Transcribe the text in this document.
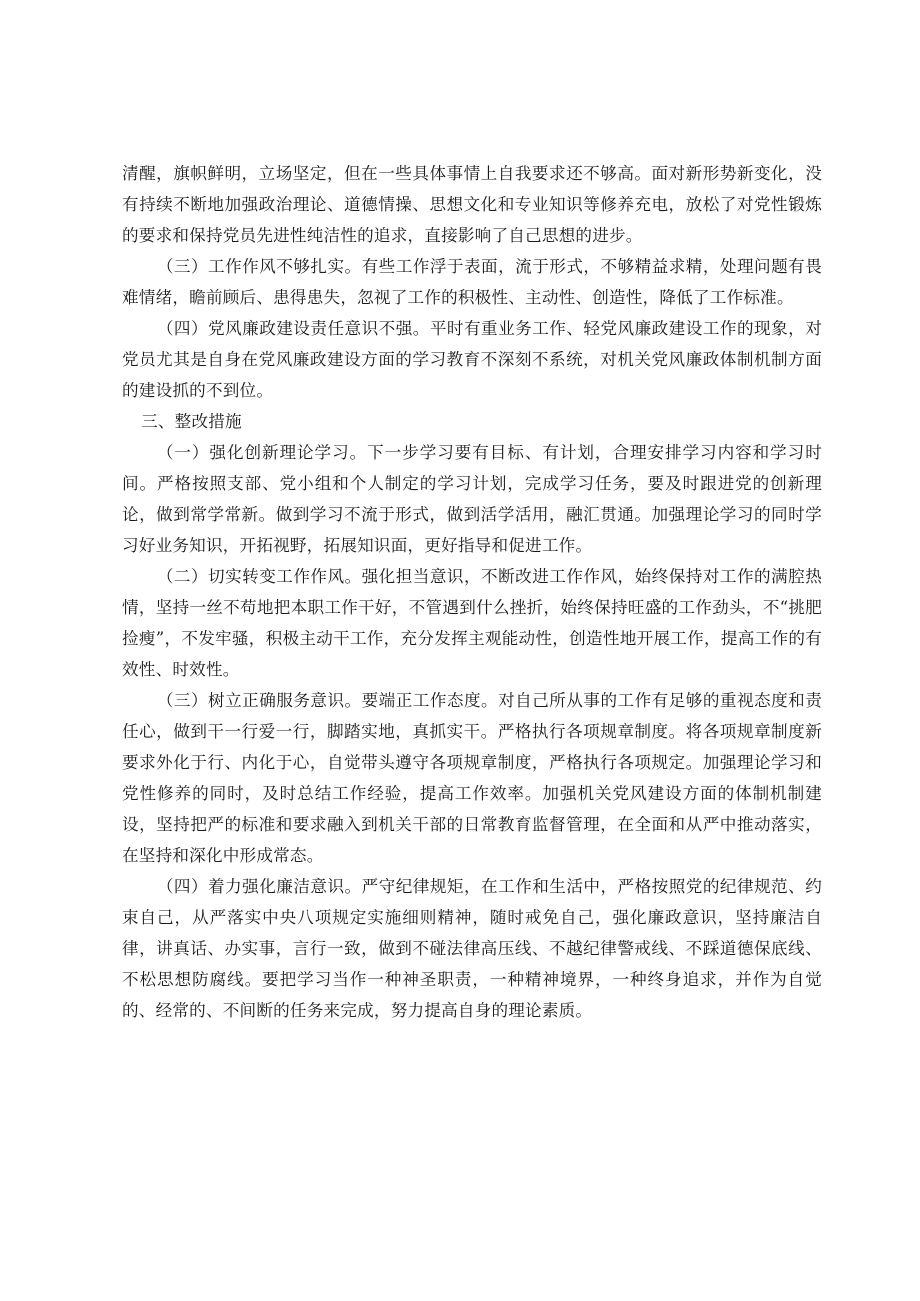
清醒，旗帜鲜明，立场坚定，但在一些具体事情上自我要求还不够高。面对新形势新变化，没有持续不断地加强政治理论、道德情操、思想文化和专业知识等修养充电，放松了对党性锻炼的要求和保持党员先进性纯洁性的追求，直接影响了自己思想的进步。

（三）工作作风不够扎实。有些工作浮于表面，流于形式，不够精益求精，处理问题有畏难情绪，瞻前顾后、患得患失，忽视了工作的积极性、主动性、创造性，降低了工作标准。

（四）党风廉政建设责任意识不强。平时有重业务工作、轻党风廉政建设工作的现象，对党员尤其是自身在党风廉政建设方面的学习教育不深刻不系统，对机关党风廉政体制机制方面的建设抓的不到位。

三、整改措施

（一）强化创新理论学习。下一步学习要有目标、有计划，合理安排学习内容和学习时间。严格按照支部、党小组和个人制定的学习计划，完成学习任务，要及时跟进党的创新理论，做到常学常新。做到学习不流于形式，做到活学活用，融汇贯通。加强理论学习的同时学习好业务知识，开拓视野，拓展知识面，更好指导和促进工作。

（二）切实转变工作作风。强化担当意识，不断改进工作作风，始终保持对工作的满腔热情，坚持一丝不苟地把本职工作干好，不管遇到什么挫折，始终保持旺盛的工作劲头，不“挑肥捡瘦”，不发牢骚，积极主动干工作，充分发挥主观能动性，创造性地开展工作，提高工作的有效性、时效性。

（三）树立正确服务意识。要端正工作态度。对自己所从事的工作有足够的重视态度和责任心，做到干一行爱一行，脚踏实地，真抓实干。严格执行各项规章制度。将各项规章制度新要求外化于行、内化于心，自觉带头遵守各项规章制度，严格执行各项规定。加强理论学习和党性修养的同时，及时总结工作经验，提高工作效率。加强机关党风建设方面的体制机制建设，坚持把严的标准和要求融入到机关干部的日常教育监督管理，在全面和从严中推动落实，在坚持和深化中形成常态。

（四）着力强化廉洁意识。严守纪律规矩，在工作和生活中，严格按照党的纪律规范、约束自己，从严落实中央八项规定实施细则精神，随时戒免自己，强化廉政意识，坚持廉洁自律，讲真话、办实事，言行一致，做到不碰法律高压线、不越纪律警戒线、不踩道德保底线、不松思想防腐线。要把学习当作一种神圣职责，一种精神境界，一种终身追求，并作为自觉的、经常的、不间断的任务来完成，努力提高自身的理论素质。
